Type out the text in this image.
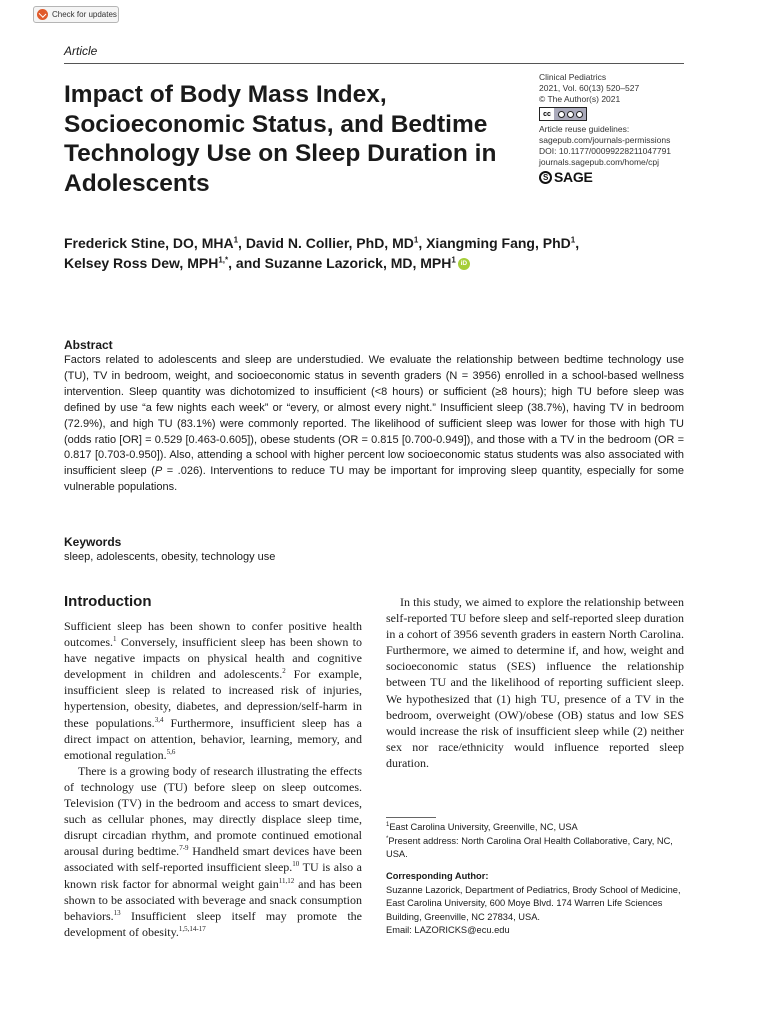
Check for updates
Article
Impact of Body Mass Index, Socioeconomic Status, and Bedtime Technology Use on Sleep Duration in Adolescents
Clinical Pediatrics
2021, Vol. 60(13) 520–527
© The Author(s) 2021
cc
Article reuse guidelines:
sagepub.com/journals-permissions
DOI: 10.1177/00099228211047791
journals.sagepub.com/home/cpj
S SAGE
Frederick Stine, DO, MHA$^1$, David N. Collier, PhD, $MD^1$, Xiangming Fang, PhD$^1$, Kelsey Ross Dew, $MPH^{1,*}$, and Suzanne Lazorick, MD, MPH$^1$ iD
Abstract
Factors related to adolescents and sleep are understudied. We evaluate the relationship between bedtime technology use (TU), TV in bedroom, weight, and socioeconomic status in seventh graders (N = 3956) enrolled in a school-based wellness intervention. Sleep quantity was dichotomized to insufficient (<8 hours) or sufficient (≥8 hours); high TU before sleep was defined by use “a few nights each week” or “every, or almost every night.” Insufficient sleep (38.7%), having TV in bedroom (72.9%), and high TU (83.1%) were commonly reported. The likelihood of sufficient sleep was lower for those with high TU (odds ratio [OR] = 0.529 [0.463-0.605]), obese students (OR = 0.815 [0.700-0.949]), and those with a TV in the bedroom (OR = 0.817 [0.703-0.950]). Also, attending a school with higher percent low socioeconomic status students was also associated with insufficient sleep (P = .026). Interventions to reduce TU may be important for improving sleep quantity, especially for some vulnerable populations.
Keywords
sleep, adolescents, obesity, technology use
Introduction

Sufficient sleep has been shown to confer positive health outcomes.$^1$ Conversely, insufficient sleep has been shown to have negative impacts on physical health and cognitive development in children and adolescents.$^2$ For example, insufficient sleep is related to increased risk of injuries, hypertension, obesity, diabetes, and depression/self-harm in these populations.$^{3,4}$ Furthermore, insufficient sleep has a direct impact on attention, behavior, learning, memory, and emotional regulation.$^{5,6}$

There is a growing body of research illustrating the effects of technology use (TU) before sleep on sleep outcomes. Television (TV) in the bedroom and access to smart devices, such as cellular phones, may directly displace sleep time, disrupt circadian rhythm, and promote continued emotional arousal during bedtime.$^{7-9}$ Handheld smart devices have been associated with self-reported insufficient sleep.$^{10}$ TU is also a known risk factor for abnormal weight gain$^{11,12}$ and has been shown to be associated with beverage and snack consumption behaviors.$^{13}$ Insufficient sleep itself may promote the development of obesity.$^{1,5,14-17}$

In this study, we aimed to explore the relationship between self-reported TU before sleep and self-reported sleep duration in a cohort of 3956 seventh graders in eastern North Carolina. Furthermore, we aimed to determine if, and how, weight and socioeconomic status (SES) influence the relationship between TU and the likelihood of reporting sufficient sleep. We hypothesized that (1) high TU, presence of a TV in the bedroom, overweight (OW)/obese (OB) status and low SES would increase the risk of insufficient sleep while (2) neither sex nor race/ethnicity would influence reported sleep duration.

$^1$East Carolina University, Greenville, NC, USA
*Present address: North Carolina Oral Health Collaborative, Cary, NC, USA.
Corresponding Author:
Suzanne Lazorick, Department of Pediatrics, Brody School of Medicine, East Carolina University, 600 Moye Blvd. 174 Warren Life Sciences Building, Greenville, NC 27834, USA.
Email: LAZORICKS@ecu.edu
